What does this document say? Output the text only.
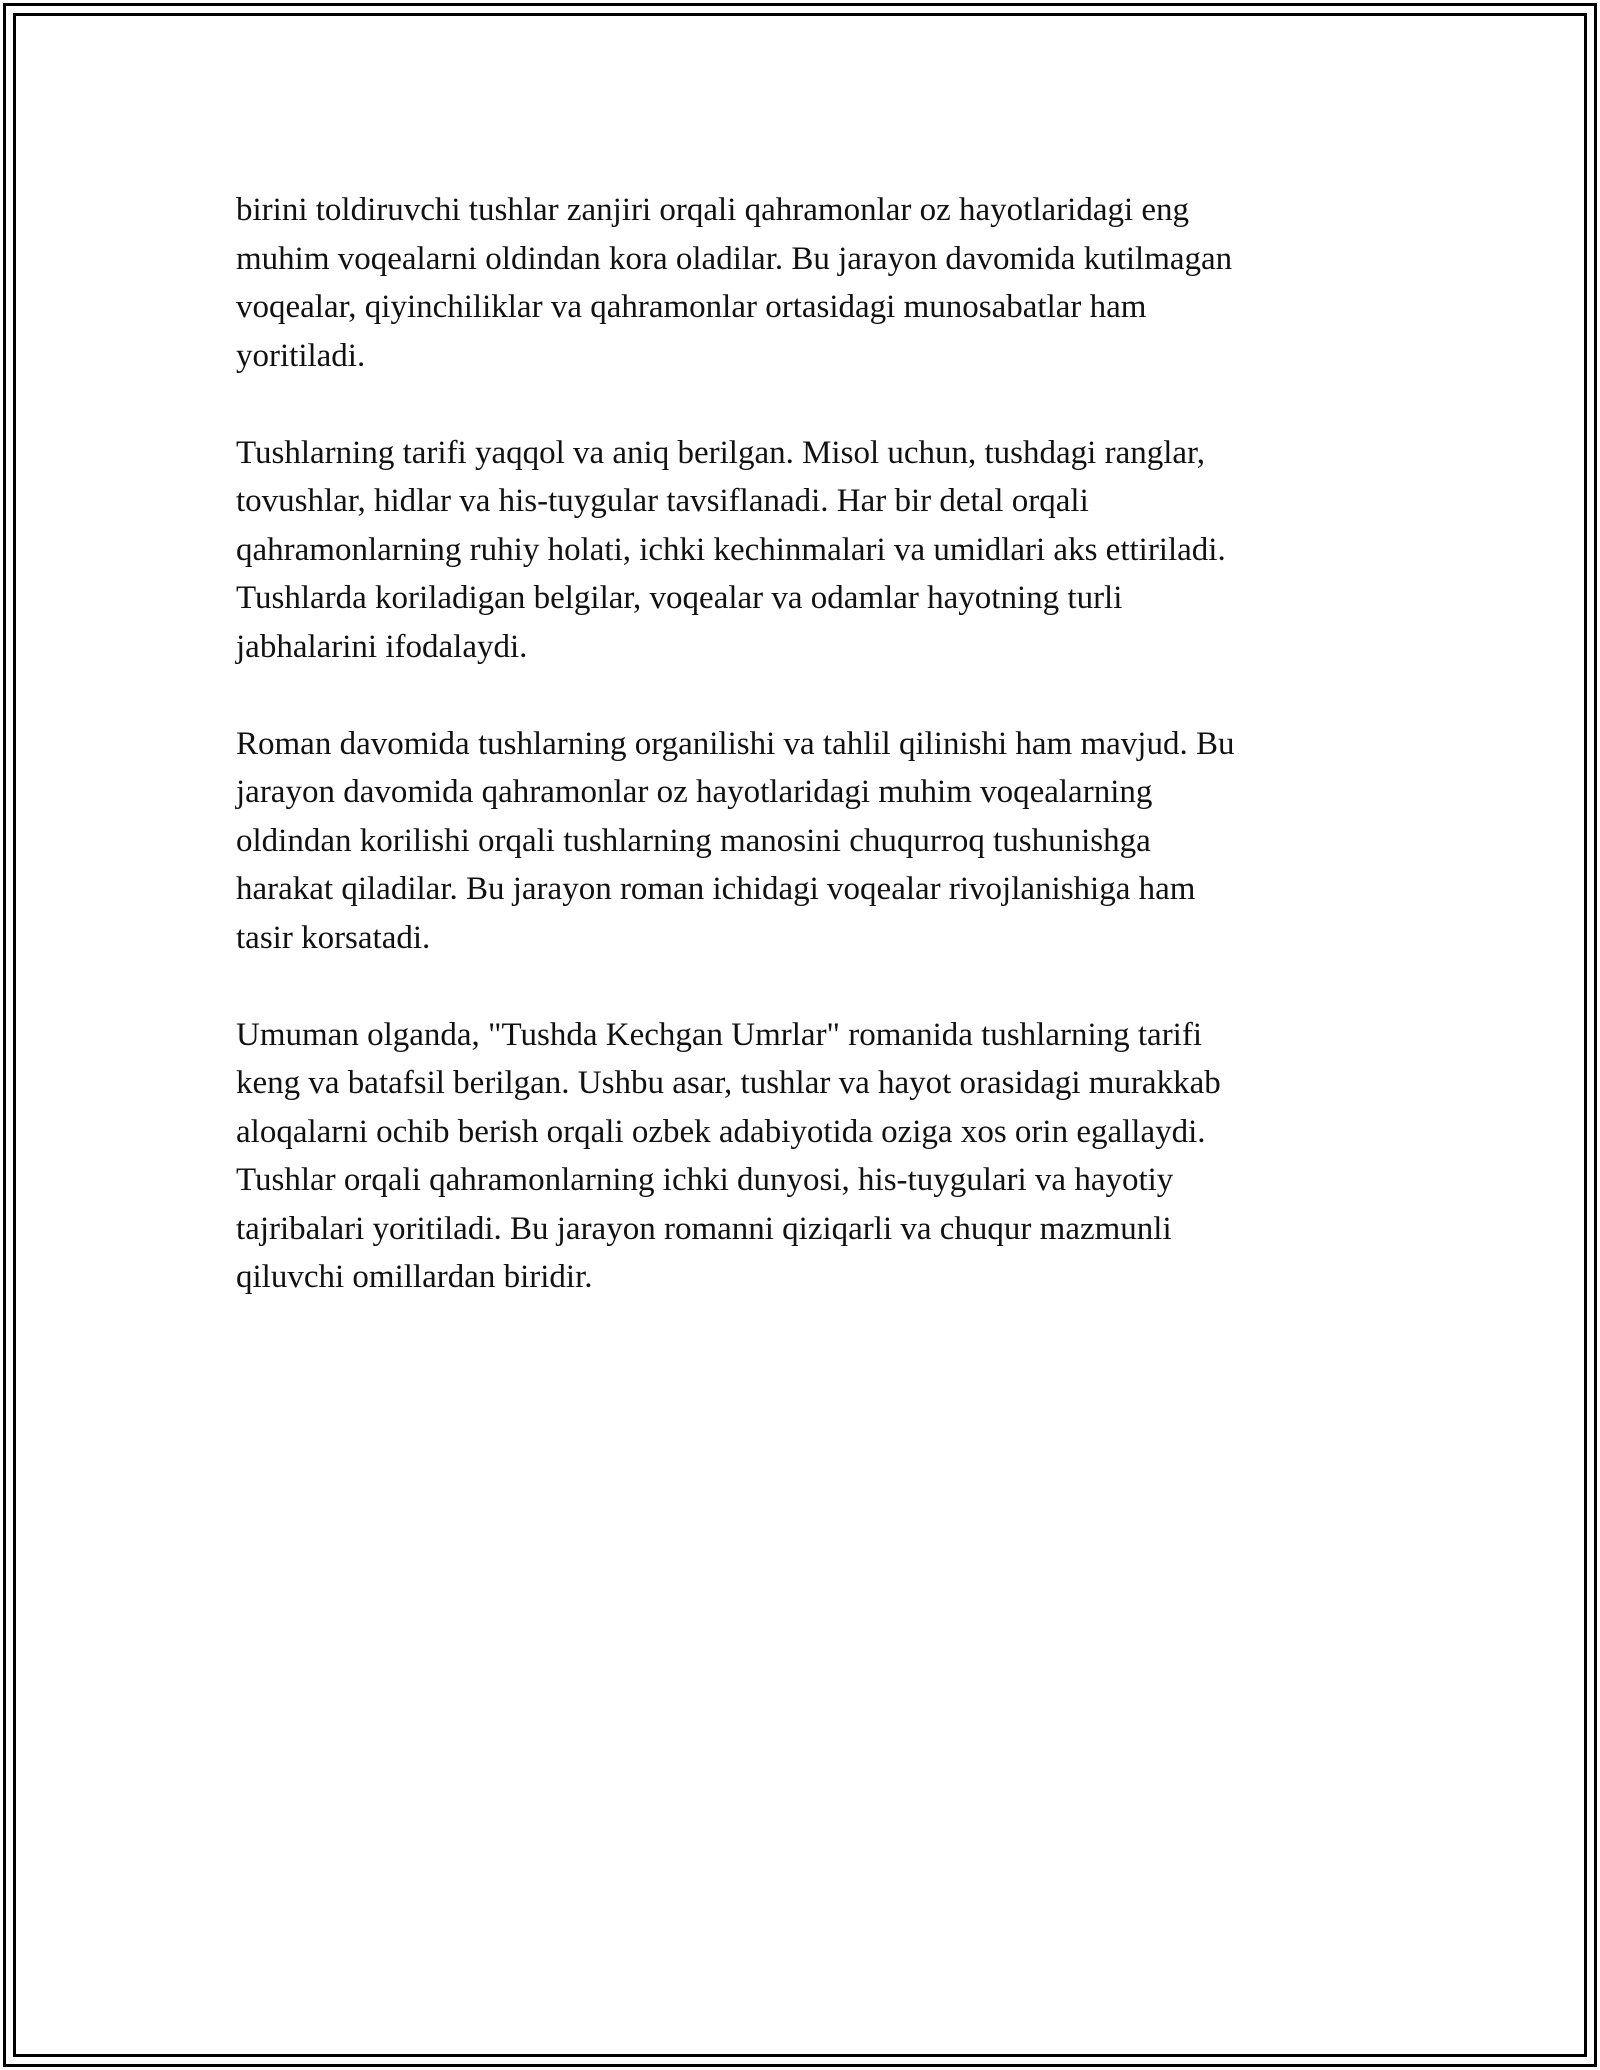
birini toldiruvchi tushlar zanjiri orqali qahramonlar oz hayotlaridagi eng
muhim voqealarni oldindan kora oladilar. Bu jarayon davomida kutilmagan
voqealar, qiyinchiliklar va qahramonlar ortasidagi munosabatlar ham
yoritiladi.

Tushlarning tarifi yaqqol va aniq berilgan. Misol uchun, tushdagi ranglar,
tovushlar, hidlar va his-tuygular tavsiflanadi. Har bir detal orqali
qahramonlarning ruhiy holati, ichki kechinmalari va umidlari aks ettiriladi.
Tushlarda koriladigan belgilar, voqealar va odamlar hayotning turli
jabhalarini ifodalaydi.

Roman davomida tushlarning organilishi va tahlil qilinishi ham mavjud. Bu
jarayon davomida qahramonlar oz hayotlaridagi muhim voqealarning
oldindan korilishi orqali tushlarning manosini chuqurroq tushunishga
harakat qiladilar. Bu jarayon roman ichidagi voqealar rivojlanishiga ham
tasir korsatadi.

Umuman olganda, "Tushda Kechgan Umrlar" romanida tushlarning tarifi
keng va batafsil berilgan. Ushbu asar, tushlar va hayot orasidagi murakkab
aloqalarni ochib berish orqali ozbek adabiyotida oziga xos orin egallaydi.
Tushlar orqali qahramonlarning ichki dunyosi, his-tuygulari va hayotiy
tajribalari yoritiladi. Bu jarayon romanni qiziqarli va chuqur mazmunli
qiluvchi omillardan biridir.
